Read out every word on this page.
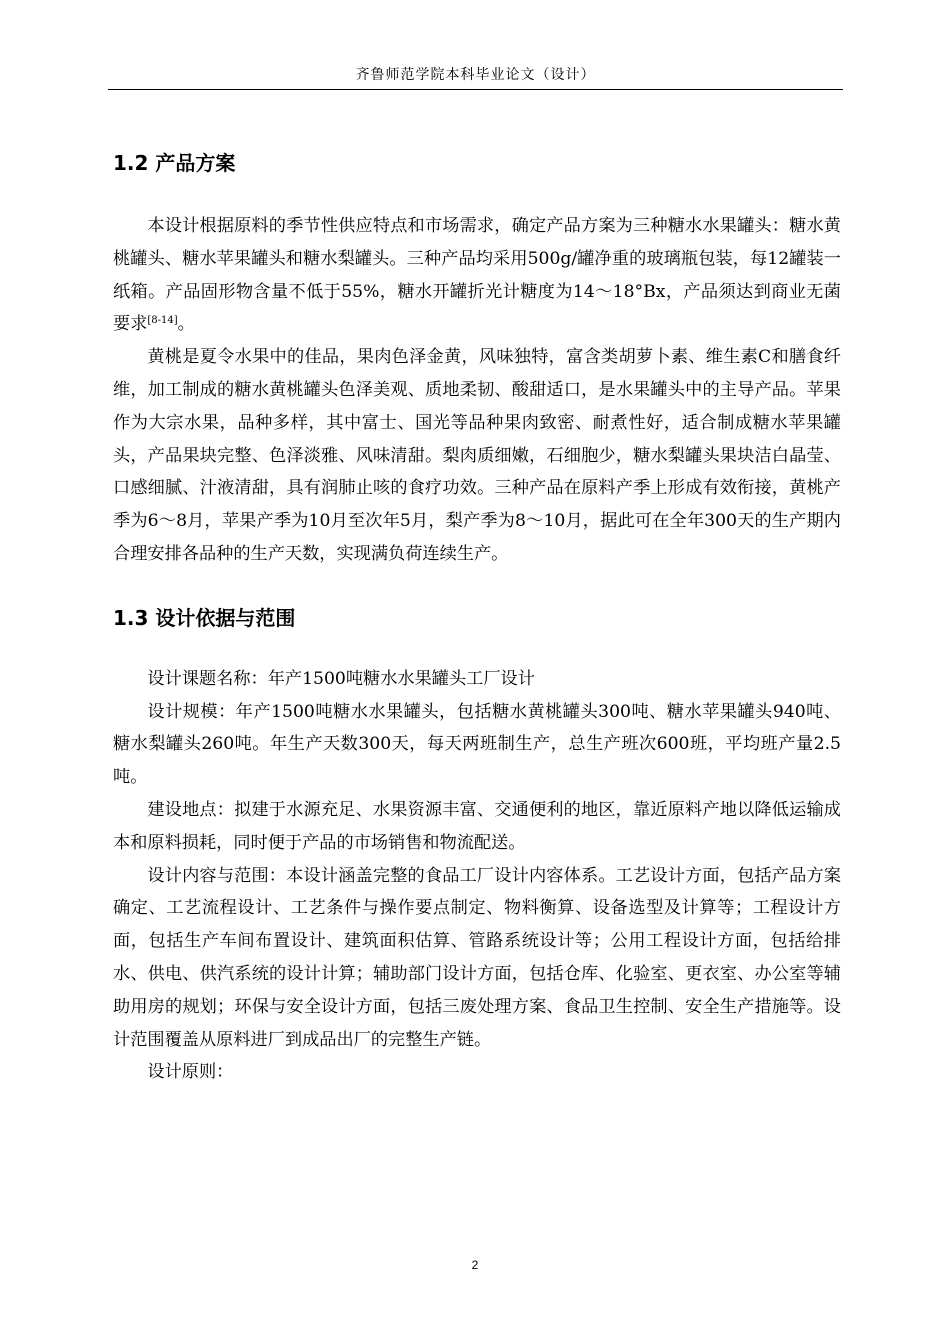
齐鲁师范学院本科毕业论文（设计）
1.2 产品方案

本设计根据原料的季节性供应特点和市场需求，确定产品方案为三种糖水水果罐头：糖水黄桃罐头、糖水苹果罐头和糖水梨罐头。三种产品均采用500g/罐净重的玻璃瓶包装，每12罐装一纸箱。产品固形物含量不低于55%，糖水开罐折光计糖度为14～18°Bx，产品须达到商业无菌要求[8-14]。

黄桃是夏令水果中的佳品，果肉色泽金黄，风味独特，富含类胡萝卜素、维生素C和膳食纤维，加工制成的糖水黄桃罐头色泽美观、质地柔韧、酸甜适口，是水果罐头中的主导产品。苹果作为大宗水果，品种多样，其中富士、国光等品种果肉致密、耐煮性好，适合制成糖水苹果罐头，产品果块完整、色泽淡雅、风味清甜。梨肉质细嫩，石细胞少，糖水梨罐头果块洁白晶莹、口感细腻、汁液清甜，具有润肺止咳的食疗功效。三种产品在原料产季上形成有效衔接，黄桃产季为6～8月，苹果产季为10月至次年5月，梨产季为8～10月，据此可在全年300天的生产期内合理安排各品种的生产天数，实现满负荷连续生产。

1.3 设计依据与范围

设计课题名称：年产1500吨糖水水果罐头工厂设计

设计规模：年产1500吨糖水水果罐头，包括糖水黄桃罐头300吨、糖水苹果罐头940吨、糖水梨罐头260吨。年生产天数300天，每天两班制生产，总生产班次600班，平均班产量2.5吨。

建设地点：拟建于水源充足、水果资源丰富、交通便利的地区，靠近原料产地以降低运输成本和原料损耗，同时便于产品的市场销售和物流配送。

设计内容与范围：本设计涵盖完整的食品工厂设计内容体系。工艺设计方面，包括产品方案确定、工艺流程设计、工艺条件与操作要点制定、物料衡算、设备选型及计算等；工程设计方面，包括生产车间布置设计、建筑面积估算、管路系统设计等；公用工程设计方面，包括给排水、供电、供汽系统的设计计算；辅助部门设计方面，包括仓库、化验室、更衣室、办公室等辅助用房的规划；环保与安全设计方面，包括三废处理方案、食品卫生控制、安全生产措施等。设计范围覆盖从原料进厂到成品出厂的完整生产链。

设计原则：

2
